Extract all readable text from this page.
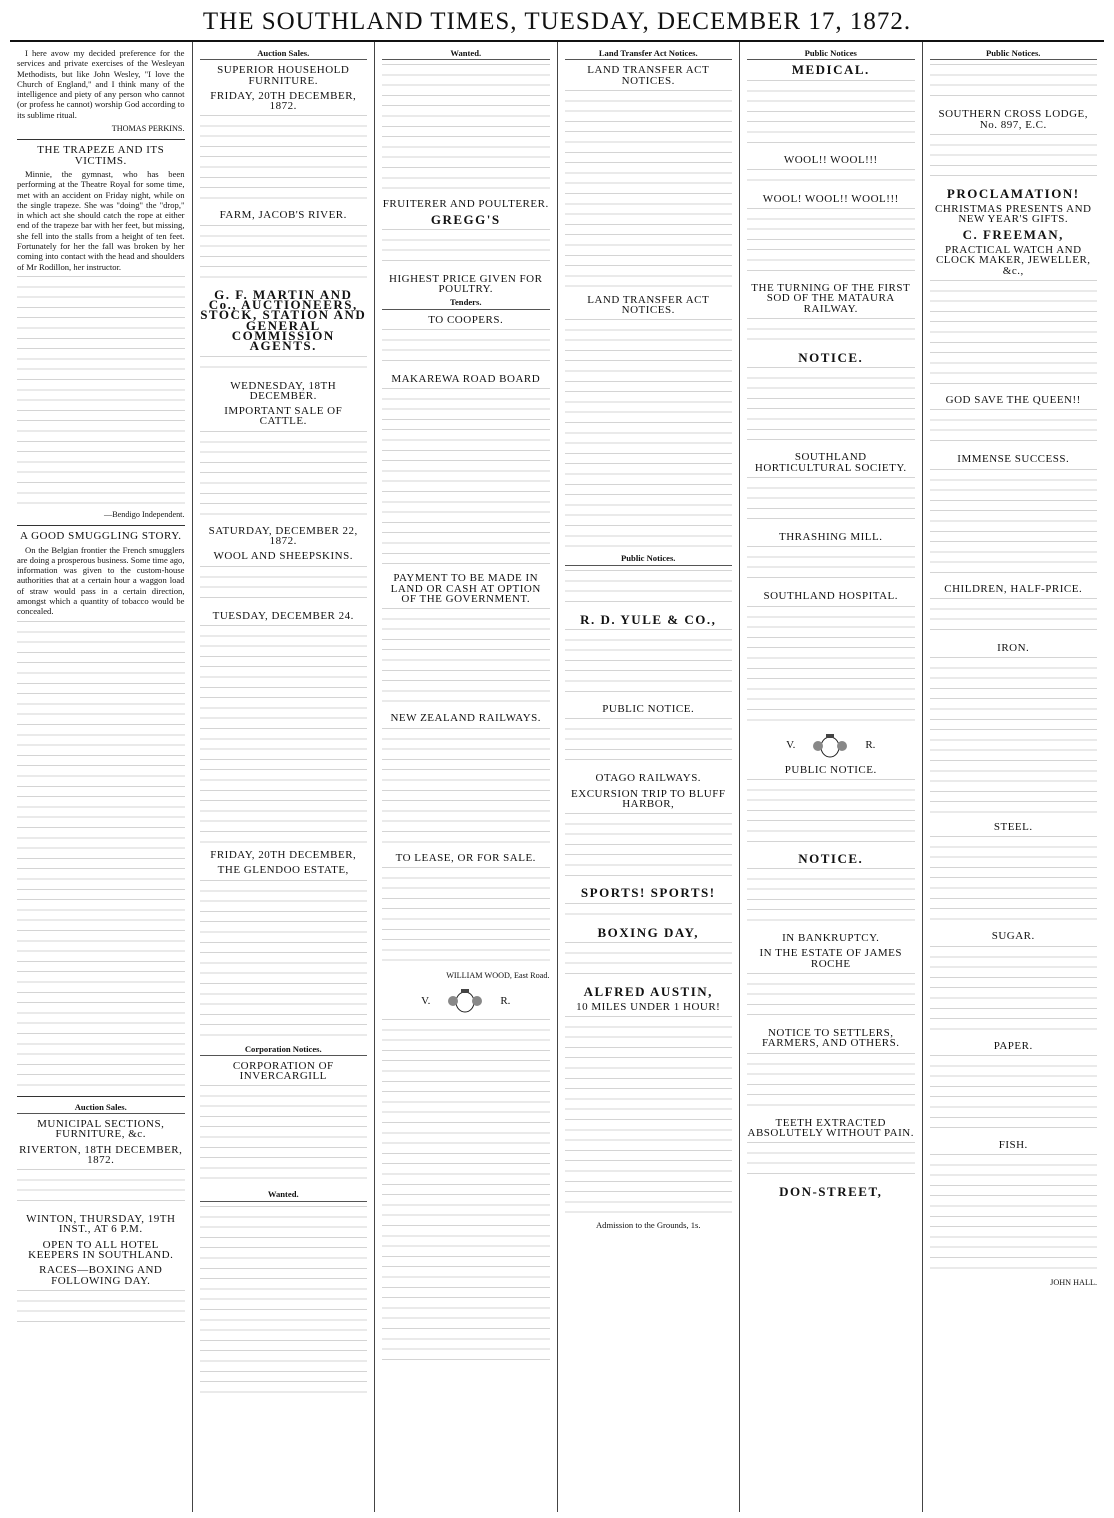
THE SOUTHLAND TIMES, TUESDAY, DECEMBER 17, 1872.

I here avow my decided preference for the services and private exercises of the Wesleyan Methodists, but like John Wesley, "I love the Church of England," and I think many of the intelligence and piety of any person who cannot (or profess he cannot) worship God according to its sublime ritual.

THOMAS PERKINS.
THE TRAPEZE AND ITS VICTIMS.

Minnie, the gymnast, who has been performing at the Theatre Royal for some time, met with an accident on Friday night, while on the single trapeze. She was "doing" the "drop," in which act she should catch the rope at either end of the trapeze bar with her feet, but missing, she fell into the stalls from a height of ten feet. Fortunately for her the fall was broken by her coming into contact with the head and shoulders of Mr Rodillon, her instructor.

—Bendigo Independent.
A GOOD SMUGGLING STORY.

On the Belgian frontier the French smugglers are doing a prosperous business. Some time ago, information was given to the custom-house authorities that at a certain hour a waggon load of straw would pass in a certain direction, amongst which a quantity of tobacco would be concealed.

Auction Sales.
MUNICIPAL SECTIONS, FURNITURE, &c.
RIVERTON, 18TH DECEMBER, 1872.
WINTON, THURSDAY, 19TH INST., AT 6 P.M.
OPEN TO ALL HOTEL KEEPERS IN SOUTHLAND.
RACES—BOXING AND FOLLOWING DAY.
Auction Sales.
SUPERIOR HOUSEHOLD FURNITURE.
FRIDAY, 20TH DECEMBER, 1872.
FARM, JACOB'S RIVER.
G. F. MARTIN AND Co., AUCTIONEERS, STOCK, STATION AND GENERAL COMMISSION AGENTS.
WEDNESDAY, 18TH DECEMBER.
IMPORTANT SALE OF CATTLE.
SATURDAY, DECEMBER 22, 1872.
WOOL AND SHEEPSKINS.
TUESDAY, DECEMBER 24.
FRIDAY, 20TH DECEMBER,
THE GLENDOO ESTATE,
Corporation Notices.
CORPORATION OF INVERCARGILL
Wanted.
Wanted.
FRUITERER AND POULTERER.
GREGG'S
HIGHEST PRICE GIVEN FOR POULTRY.
Tenders.
TO COOPERS.
MAKAREWA ROAD BOARD
PAYMENT TO BE MADE IN LAND OR CASH AT OPTION OF THE GOVERNMENT.
NEW ZEALAND RAILWAYS.
TO LEASE, OR FOR SALE.
WILLIAM WOOD, East Road.
V.	R.
Land Transfer Act Notices.
LAND TRANSFER ACT NOTICES.
LAND TRANSFER ACT NOTICES.
Public Notices.
R. D. YULE & CO.,
PUBLIC NOTICE.
OTAGO RAILWAYS.
EXCURSION TRIP TO BLUFF HARBOR,
SPORTS! SPORTS!
BOXING DAY,
ALFRED AUSTIN,
10 MILES UNDER 1 HOUR!
Admission to the Grounds, 1s.
Public Notices
MEDICAL.
WOOL!! WOOL!!!
WOOL! WOOL!! WOOL!!!
THE TURNING OF THE FIRST SOD OF THE MATAURA RAILWAY.
NOTICE.
SOUTHLAND HORTICULTURAL SOCIETY.
THRASHING MILL.
SOUTHLAND HOSPITAL.
V.	R.
PUBLIC NOTICE.
NOTICE.
IN BANKRUPTCY.
IN THE ESTATE OF JAMES ROCHE
NOTICE TO SETTLERS, FARMERS, AND OTHERS.
TEETH EXTRACTED ABSOLUTELY WITHOUT PAIN.
DON-STREET,
Public Notices.
SOUTHERN CROSS LODGE, No. 897, E.C.
PROCLAMATION!
CHRISTMAS PRESENTS AND NEW YEAR'S GIFTS.
C. FREEMAN,
PRACTICAL WATCH AND CLOCK MAKER, JEWELLER, &c.,
GOD SAVE THE QUEEN!!
IMMENSE SUCCESS.
CHILDREN, HALF-PRICE.
IRON.
STEEL.
SUGAR.
PAPER.
FISH.
JOHN HALL.
